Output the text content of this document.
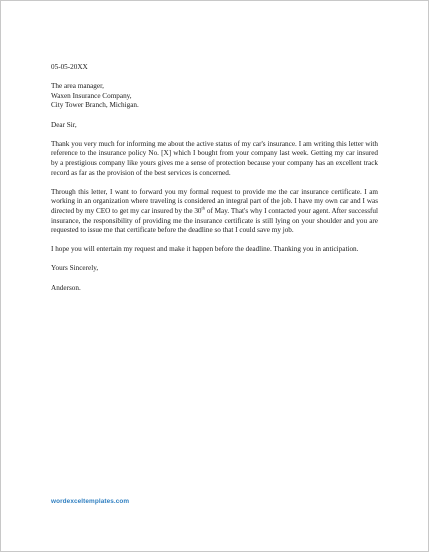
05-05-20XX

The area manager,
Waxen Insurance Company,
City Tower Branch, Michigan.

Dear Sir,

Thank you very much for informing me about the active status of my car's insurance. I am writing this letter with reference to the insurance policy No. [X] which I bought from your company last week. Getting my car insured by a prestigious company like yours gives me a sense of protection because your company has an excellent track record as far as the provision of the best services is concerned.

Through this letter, I want to forward you my formal request to provide me the car insurance certificate. I am working in an organization where traveling is considered an integral part of the job. I have my own car and I was directed by my CEO to get my car insured by the 30th of May. That's why I contacted your agent. After successful insurance, the responsibility of providing me the insurance certificate is still lying on your shoulder and you are requested to issue me that certificate before the deadline so that I could save my job.

I hope you will entertain my request and make it happen before the deadline. Thanking you in anticipation.

Yours Sincerely,

Anderson.

wordexceltemplates.com
